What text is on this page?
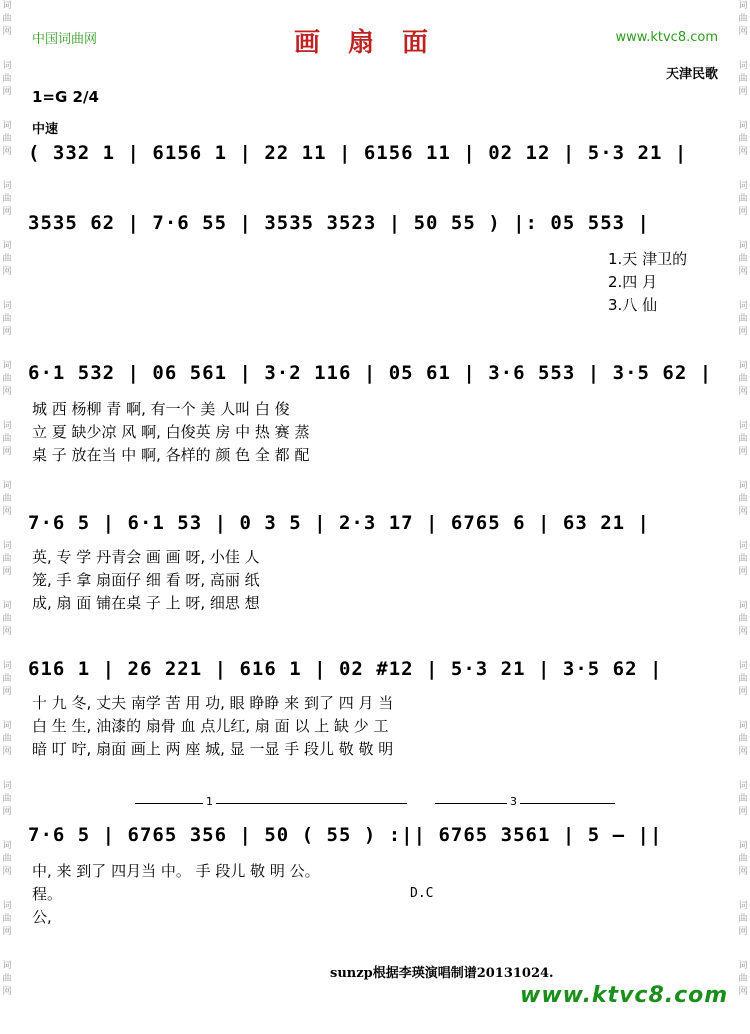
词曲网
词曲网
词曲网
词曲网
词曲网
词曲网
词曲网
词曲网
词曲网
词曲网
词曲网
词曲网
词曲网
词曲网
词曲网
词曲网
词曲网
词曲网
词曲网
词曲网
词曲网
词曲网
词曲网
词曲网
词曲网
词曲网
词曲网
词曲网
词曲网
词曲网
词曲网
词曲网
词曲网
词曲网
中国词曲网	画扇面	www.ktvc8.com
天津民歌
1=G 2/4
中速
( 332 1 | 6156 1 | 22 11 | 6156 11 | 02 12 | 5·3 21 |
3535 62 | 7·6 55 | 3535 3523 | 50 55 ) |: 05 553 |
1.天 津卫的
2.四 月
3.八 仙
6·1 532 | 06 561 | 3·2 116 | 05 61 | 3·6 553 | 3·5 62 |
城 西 杨柳 青 啊, 有一个 美 人叫 白 俊
立 夏 缺少凉 风 啊, 白俊英 房 中 热 赛 蒸
桌 子 放在当 中 啊, 各样的 颜 色 全 都 配
7·6 5 | 6·1 53 | 0 3 5 | 2·3 17 | 6765 6 | 63 21 |
英, 专 学 丹青会 画 画 呀, 小佳 人
笼, 手 拿 扇面仔 细 看 呀, 高丽 纸
成, 扇 面 铺在桌 子 上 呀, 细思 想
616 1 | 26 221 | 616 1 | 02 #12 | 5·3 21 | 3·5 62 |
十 九 冬, 丈夫 南学 苦 用 功, 眼 睁睁 来 到了 四 月 当
白 生 生, 油漆的 扇骨 血 点儿红, 扇 面 以 上 缺 少 工
暗 叮 咛, 扇面 画上 两 座 城, 显 一显 手 段儿 敬 敬 明
1	3
7·6 5 | 6765 356 | 50 ( 55 ) :|| 6765 3561 | 5 – ||
中, 来 到了 四月当 中。 手 段儿 敬 明 公。
程。
公,
D.C
sunzp根据李瑛演唱制谱20131024.
www.ktvc8.com
